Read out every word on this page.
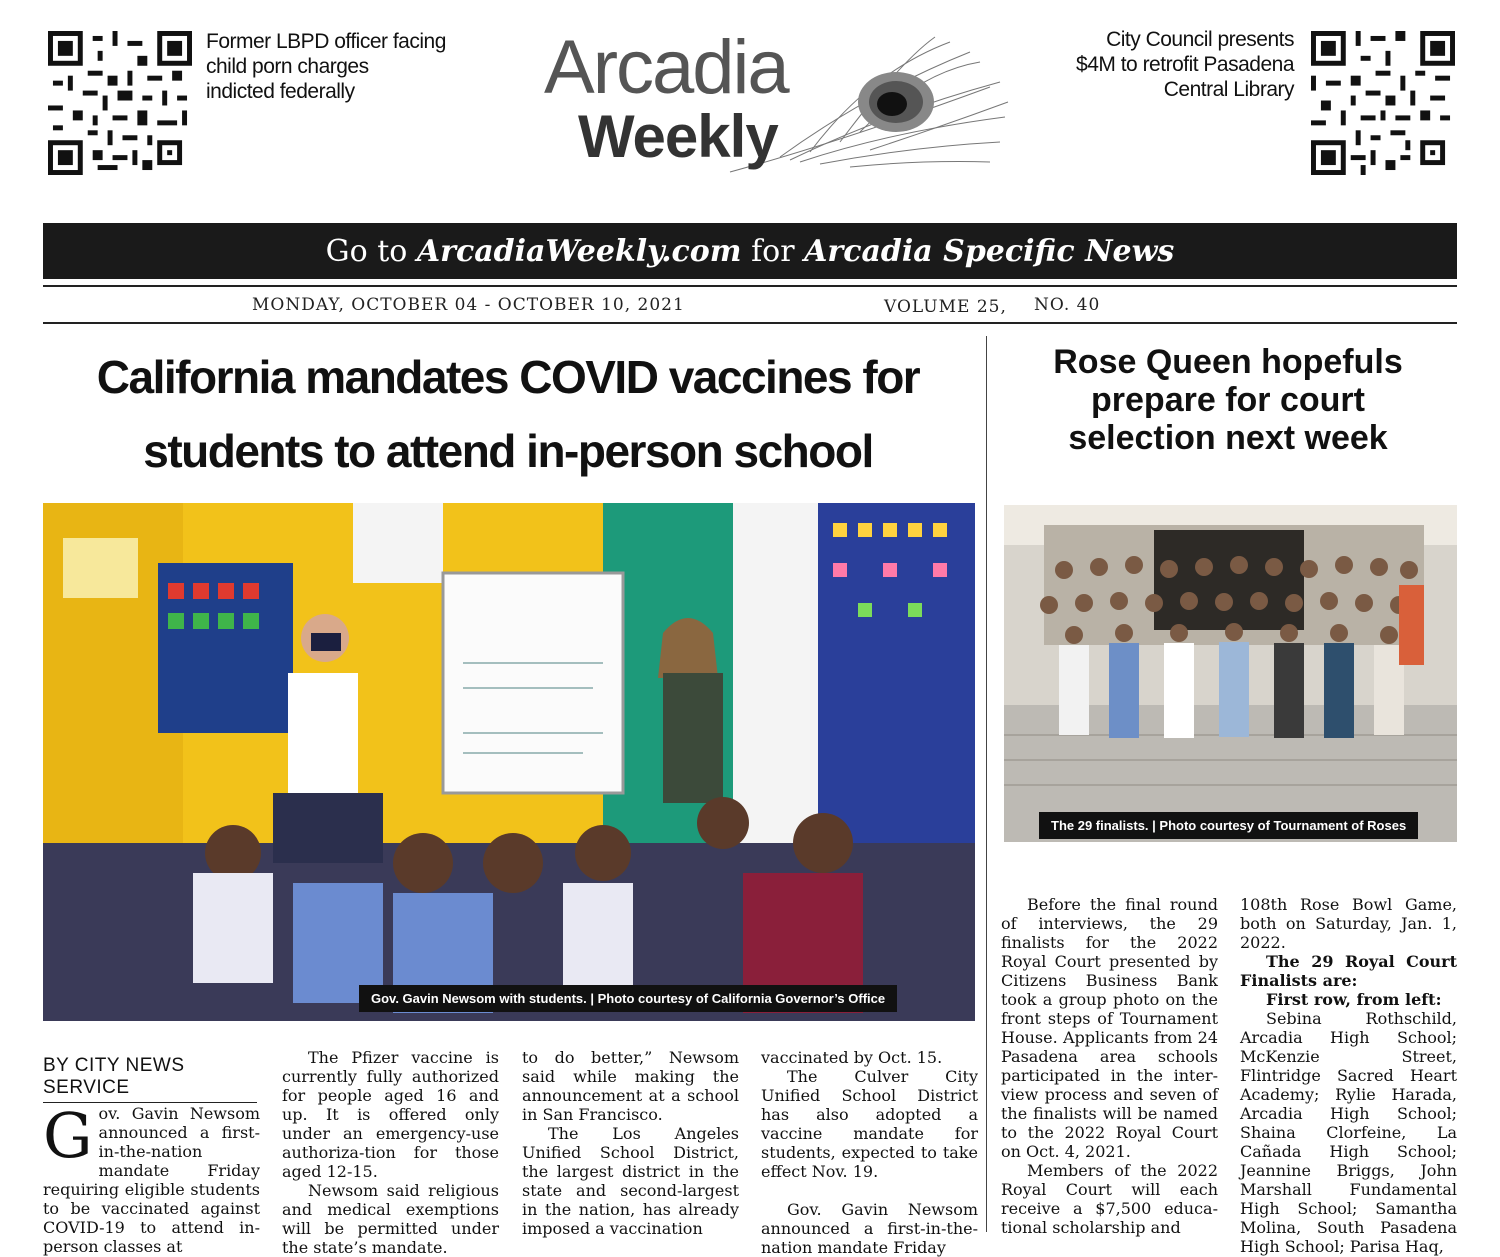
Former LBPD officer facing
child porn charges
indicted federally	Arcadia
Weekly
City Council presents
$4M to retrofit Pasadena
Central Library
Go to ArcadiaWeekly.com for Arcadia Specific News
MONDAY, OCTOBER 04 - OCTOBER 10, 2021	VOLUME 25, NO. 40
California mandates COVID vaccines for
students to attend in-person school
Gov. Gavin Newsom with students. | Photo courtesy of California Governor’s Office
BY CITY NEWS SERVICE
Gov. Gavin Newsom announced a first-in-the-nation mandate Friday requiring eligible students to be vaccinated against COVID-19 to attend in-person classes at

The Pfizer vaccine is currently fully authorized for people aged 16 and up. It is offered only under an emergency-use authoriza-tion for those aged 12-15.

Newsom said religious and medical exemptions will be permitted under the state’s mandate.

to do better,” Newsom said while making the announcement at a school in San Francisco.

The Los Angeles Unified School District, the largest district in the state and second-largest in the nation, has already imposed a vaccination

vaccinated by Oct. 15.

The Culver City Unified School District has also adopted a vaccine mandate for students, expected to take effect Nov. 19.

Gov. Gavin Newsom announced a first-in-the-nation mandate Friday

Rose Queen hopefuls
prepare for court
selection next week
The 29 finalists. | Photo courtesy of Tournament of Roses

Before the final round of interviews, the 29 finalists for the 2022 Royal Court presented by Citizens Business Bank took a group photo on the front steps of Tournament House. Applicants from 24 Pasadena area schools participated in the inter-view process and seven of the finalists will be named to the 2022 Royal Court on Oct. 4, 2021.

Members of the 2022 Royal Court will each receive a $7,500 educa-tional scholarship and

108th Rose Bowl Game, both on Saturday, Jan. 1, 2022.

The 29 Royal Court Finalists are:

First row, from left:

Sebina Rothschild, Arcadia High School; McKenzie Street, Flintridge Sacred Heart Academy; Rylie Harada, Arcadia High School; Shaina Clorfeine, La Cañada High School; Jeannine Briggs, John Marshall Fundamental High School; Samantha Molina, South Pasadena High School; Parisa Haq,
